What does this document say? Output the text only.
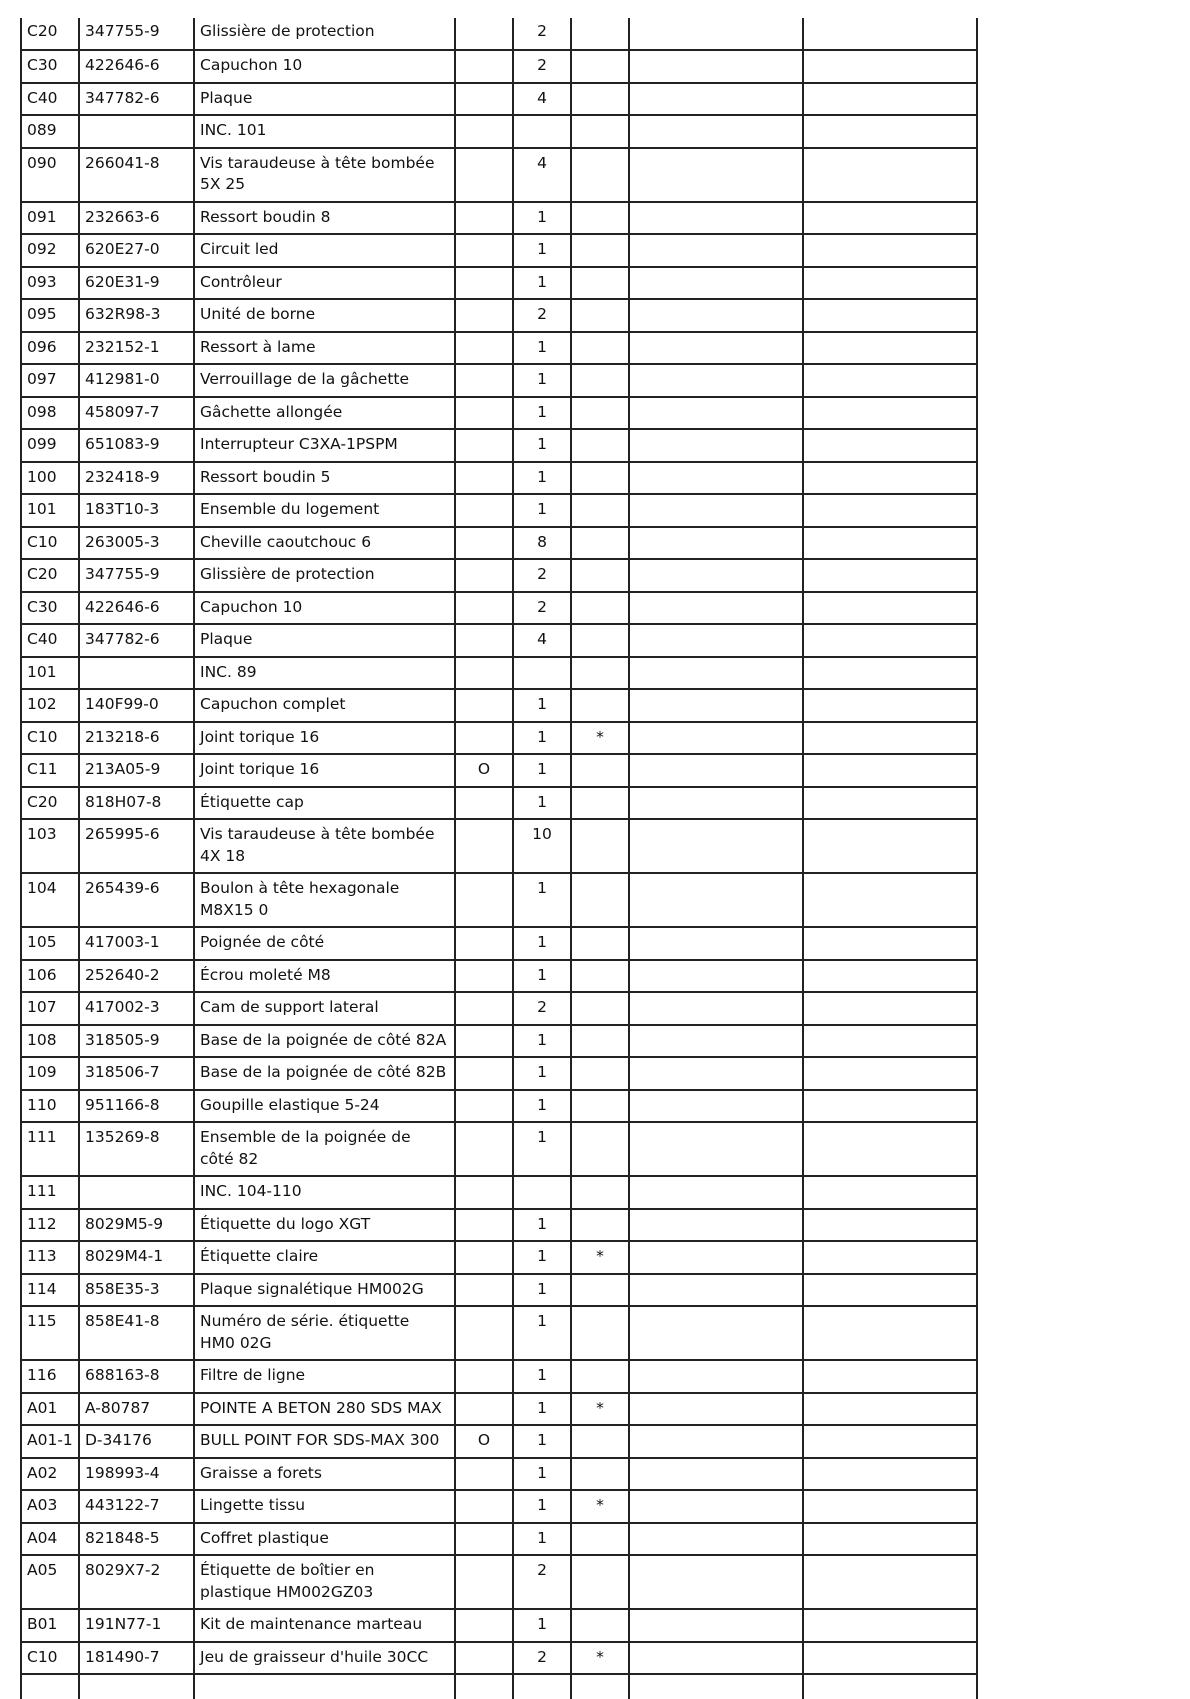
C20	347755-9	Glissière de protection		2			
C30	422646-6	Capuchon 10		2			
C40	347782-6	Plaque		4			
089		INC. 101					
090	266041-8	Vis taraudeuse à tête bombée 5X 25		4			
091	232663-6	Ressort boudin 8		1			
092	620E27-0	Circuit led		1			
093	620E31-9	Contrôleur		1			
095	632R98-3	Unité de borne		2			
096	232152-1	Ressort à lame		1			
097	412981-0	Verrouillage de la gâchette		1			
098	458097-7	Gâchette allongée		1			
099	651083-9	Interrupteur C3XA-1PSPM		1			
100	232418-9	Ressort boudin 5		1			
101	183T10-3	Ensemble du logement		1			
C10	263005-3	Cheville caoutchouc 6		8			
C20	347755-9	Glissière de protection		2			
C30	422646-6	Capuchon 10		2			
C40	347782-6	Plaque		4			
101		INC. 89					
102	140F99-0	Capuchon complet		1			
C10	213218-6	Joint torique 16		1	*		
C11	213A05-9	Joint torique 16	O	1			
C20	818H07-8	Étiquette cap		1			
103	265995-6	Vis taraudeuse à tête bombée 4X 18		10			
104	265439-6	Boulon à tête hexagonale M8X15 0		1			
105	417003-1	Poignée de côté		1			
106	252640-2	Écrou moleté M8		1			
107	417002-3	Cam de support lateral		2			
108	318505-9	Base de la poignée de côté 82A		1			
109	318506-7	Base de la poignée de côté 82B		1			
110	951166-8	Goupille elastique 5-24		1			
111	135269-8	Ensemble de la poignée de côté 82		1			
111		INC. 104-110					
112	8029M5-9	Étiquette du logo XGT		1			
113	8029M4-1	Étiquette claire		1	*		
114	858E35-3	Plaque signalétique HM002G		1			
115	858E41-8	Numéro de série. étiquette HM0 02G		1			
116	688163-8	Filtre de ligne		1			
A01	A-80787	POINTE A BETON 280 SDS MAX		1	*		
A01-1	D-34176	BULL POINT FOR SDS-MAX 300	O	1			
A02	198993-4	Graisse a forets		1			
A03	443122-7	Lingette tissu		1	*		
A04	821848-5	Coffret plastique		1			
A05	8029X7-2	Étiquette de boîtier en plastique HM002GZ03		2			
B01	191N77-1	Kit de maintenance marteau		1			
C10	181490-7	Jeu de graisseur d'huile 30CC		2	*		
